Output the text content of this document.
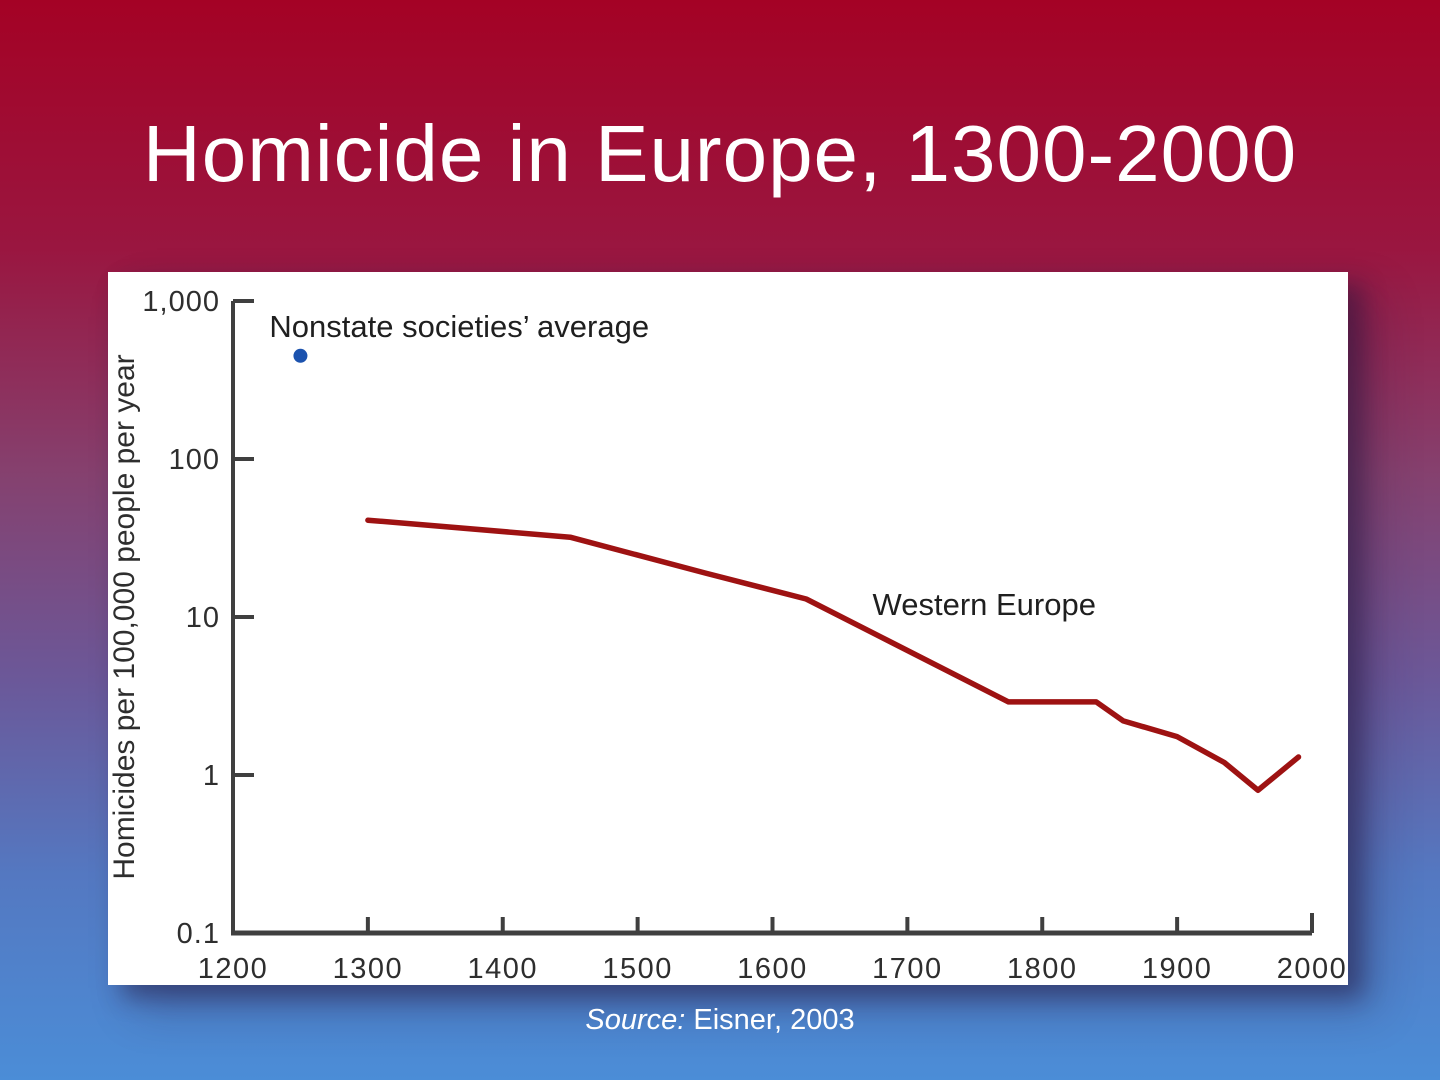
Homicide in Europe, 1300-2000
1200 1300 1400 1500 1600 1700 1800 1900 2000
0.1
1
10
100
1,000
Homicides per 100,000 people per year
Nonstate societies’ average
Western Europe
Source: Eisner, 2003
